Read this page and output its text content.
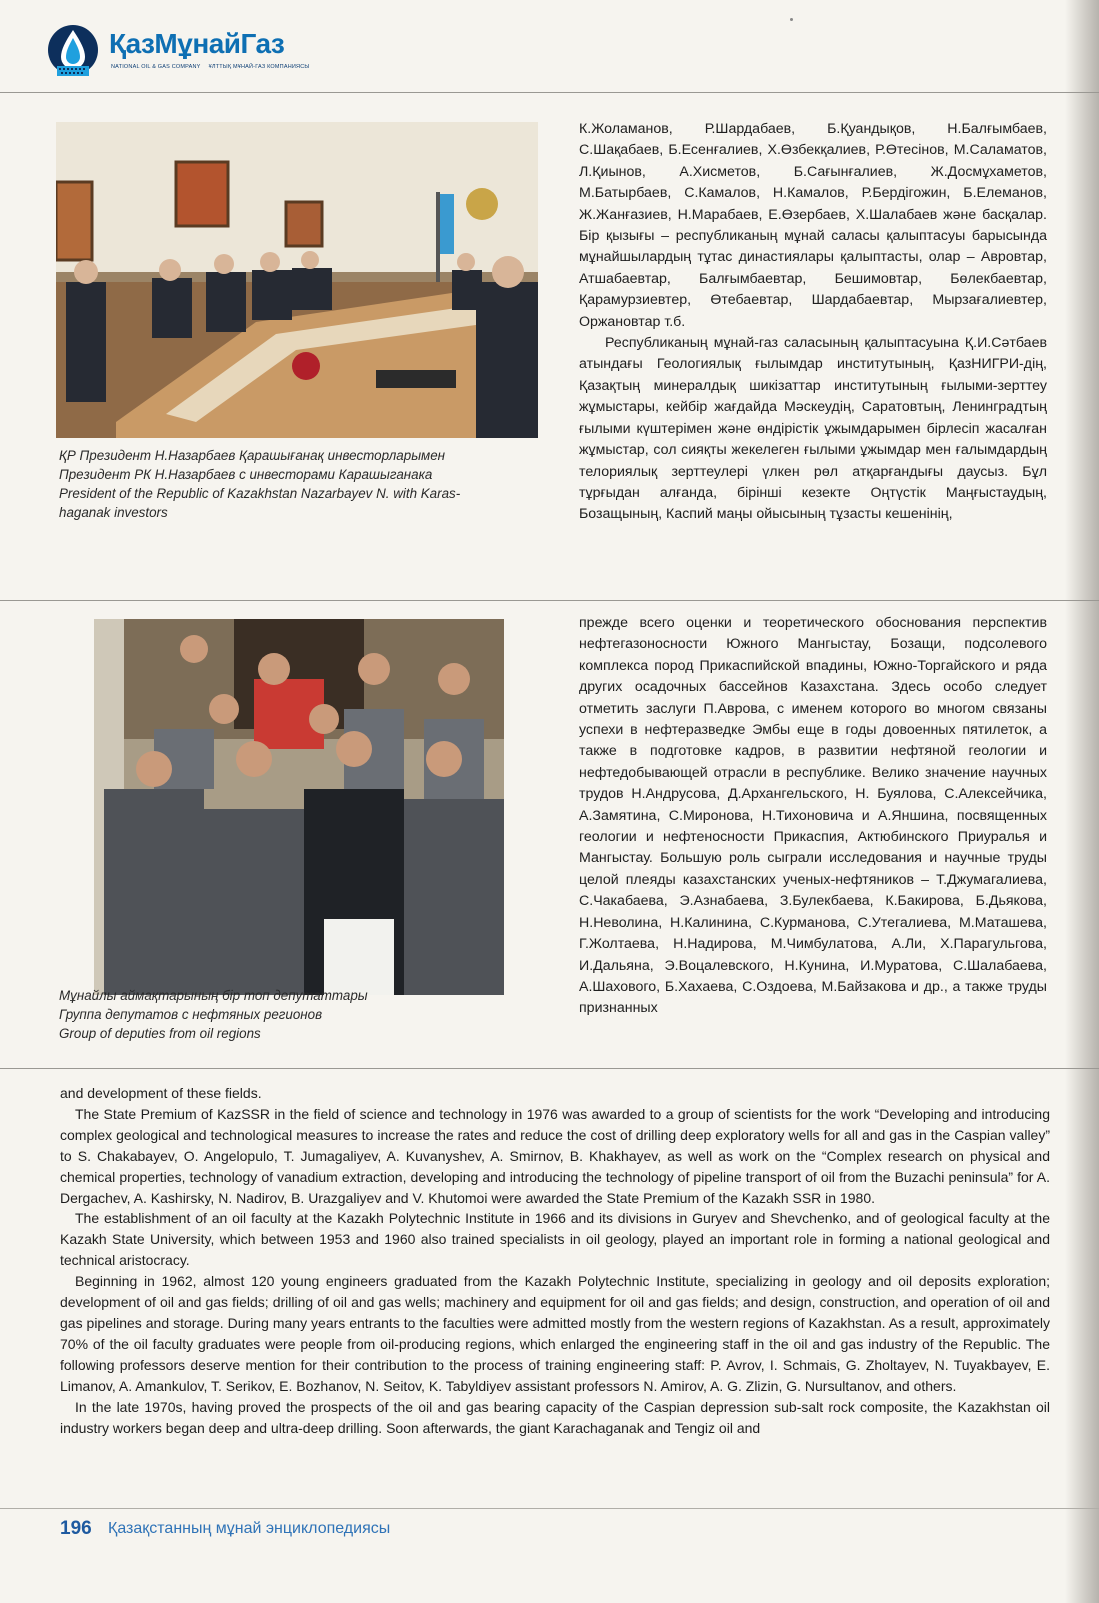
ҚазМұнайГаз
NATIONAL OIL & GAS COMPANY ҰЛТТЫҚ МҰНАЙ-ГАЗ КОМПАНИЯСЫ
ҚР Президент Н.Назарбаев Қарашығанақ инвесторларымен
Президент РК Н.Назарбаев с инвесторами Карашыганака
President of the Republic of Kazakhstan Nazarbayev N. with Karas-
haganak investors

К.Жоламанов, Р.Шардабаев, Б.Қуандықов, Н.Балғымбаев, С.Шақабаев, Б.Есенғалиев, Х.Өзбекқалиев, Р.Өтесінов, М.Саламатов, Л.Қиынов, А.Хисметов, Б.Сағынғалиев, Ж.Досмұхаметов, М.Батырбаев, С.Камалов, Н.Камалов, Р.Бердігожин, Б.Елеманов, Ж.Жанғазиев, Н.Марабаев, Е.Өзербаев, Х.Шалабаев және басқалар. Бір қызығы – республиканың мұнай саласы қалыптасуы барысында мұнайшылардың тұтас династиялары қалыптасты, олар – Авровтар, Атшабаевтар, Балғымбаевтар, Бешимовтар, Бөлекбаевтар, Қарамурзиевтер, Өтебаевтар, Шардабаевтар, Мырзағалиевтер, Оржановтар т.б.

Республиканың мұнай-газ саласының қалыптасуына Қ.И.Сәтбаев атындағы Геологиялық ғылымдар институтының, ҚазНИГРИ-дің, Қазақтың минералдық шикізаттар институтының ғылыми-зерттеу жұмыстары, кейбір жағдайда Мәскеудің, Саратовтың, Ленинградтың ғылыми күштерімен және өндірістік ұжымдарымен бірлесіп жасалған жұмыстар, сол сияқты жекелеген ғылыми ұжымдар мен ғалымдардың телориялық зерттеулері үлкен рөл атқарғандығы даусыз. Бұл тұрғыдан алғанда, бірінші кезекте Оңтүстік Маңғыстаудың, Бозащының, Каспий маңы ойысының тұзасты кешенінің,

Мұнайлы аймақтарының бір топ депутаттары
Группа депутатов с нефтяных регионов
Group of deputies from oil regions

прежде всего оценки и теоретического обоснования перспектив нефтегазоносности Южного Мангыстау, Бозащи, подсолевого комплекса пород Прикаспийской впадины, Южно-Торгайского и ряда других осадочных бассейнов Казахстана. Здесь особо следует отметить заслуги П.Аврова, с именем которого во многом связаны успехи в нефтеразведке Эмбы еще в годы довоенных пятилеток, а также в подготовке кадров, в развитии нефтяной геологии и нефтедобывающей отрасли в республике. Велико значение научных трудов Н.Андрусова, Д.Архангельского, Н. Буялова, С.Алексейчика, А.Замятина, С.Миронова, Н.Тихоновича и А.Яншина, посвященных геологии и нефтеносности Прикаспия, Актюбинского Приуралья и Мангыстау. Большую роль сыграли исследования и научные труды целой плеяды казахстанских ученых-нефтяников – Т.Джумагалиева, С.Чакабаева, Э.Азнабаева, З.Булекбаева, К.Бакирова, Б.Дьякова, Н.Неволина, Н.Калинина, С.Курманова, С.Утегалиева, М.Маташева, Г.Жолтаева, Н.Надирова, М.Чимбулатова, А.Ли, Х.Парагульгова, И.Дальяна, Э.Воцалевского, Н.Кунина, И.Муратова, С.Шалабаева, А.Шахового, Б.Хахаева, С.Оздоева, М.Байзакова и др., а также труды признанных

and development of these fields.

The State Premium of KazSSR in the field of science and technology in 1976 was awarded to a group of scientists for the work “Developing and introducing complex geological and technological measures to increase the rates and reduce the cost of drilling deep exploratory wells for all and gas in the Caspian valley” to S. Chakabayev, O. Angelopulo, T. Jumagaliyev, A. Kuvanyshev, A. Smirnov, B. Khakhayev, as well as work on the “Complex research on physical and chemical properties, technology of vanadium extraction, developing and introducing the technology of pipeline transport of oil from the Buzachi peninsula” for A. Dergachev, A. Kashirsky, N. Nadirov, B. Urazgaliyev and V. Khutomoi were awarded the State Premium of the Kazakh SSR in 1980.

The establishment of an oil faculty at the Kazakh Polytechnic Institute in 1966 and its divisions in Guryev and Shevchenko, and of geological faculty at the Kazakh State University, which between 1953 and 1960 also trained specialists in oil geology, played an important role in forming a national geological and technical aristocracy.

Beginning in 1962, almost 120 young engineers graduated from the Kazakh Polytechnic Institute, specializing in geology and oil deposits exploration; development of oil and gas fields; drilling of oil and gas wells; machinery and equipment for oil and gas fields; and design, construction, and operation of oil and gas pipelines and storage. During many years entrants to the faculties were admitted mostly from the western regions of Kazakhstan. As a result, approximately 70% of the oil faculty graduates were people from oil-producing regions, which enlarged the engineering staff in the oil and gas industry of the Republic. The following professors deserve mention for their contribution to the process of training engineering staff: P. Avrov, I. Schmais, G. Zholtayev, N. Tuyakbayev, E. Limanov, A. Amankulov, T. Serikov, E. Bozhanov, N. Seitov, K. Tabyldiyev assistant professors N. Amirov, A. G. Zlizin, G. Nursultanov, and others.

In the late 1970s, having proved the prospects of the oil and gas bearing capacity of the Caspian depression sub-salt rock composite, the Kazakhstan oil industry workers began deep and ultra-deep drilling. Soon afterwards, the giant Karachaganak and Tengiz oil and

196 Қазақстанның мұнай энциклопедиясы
